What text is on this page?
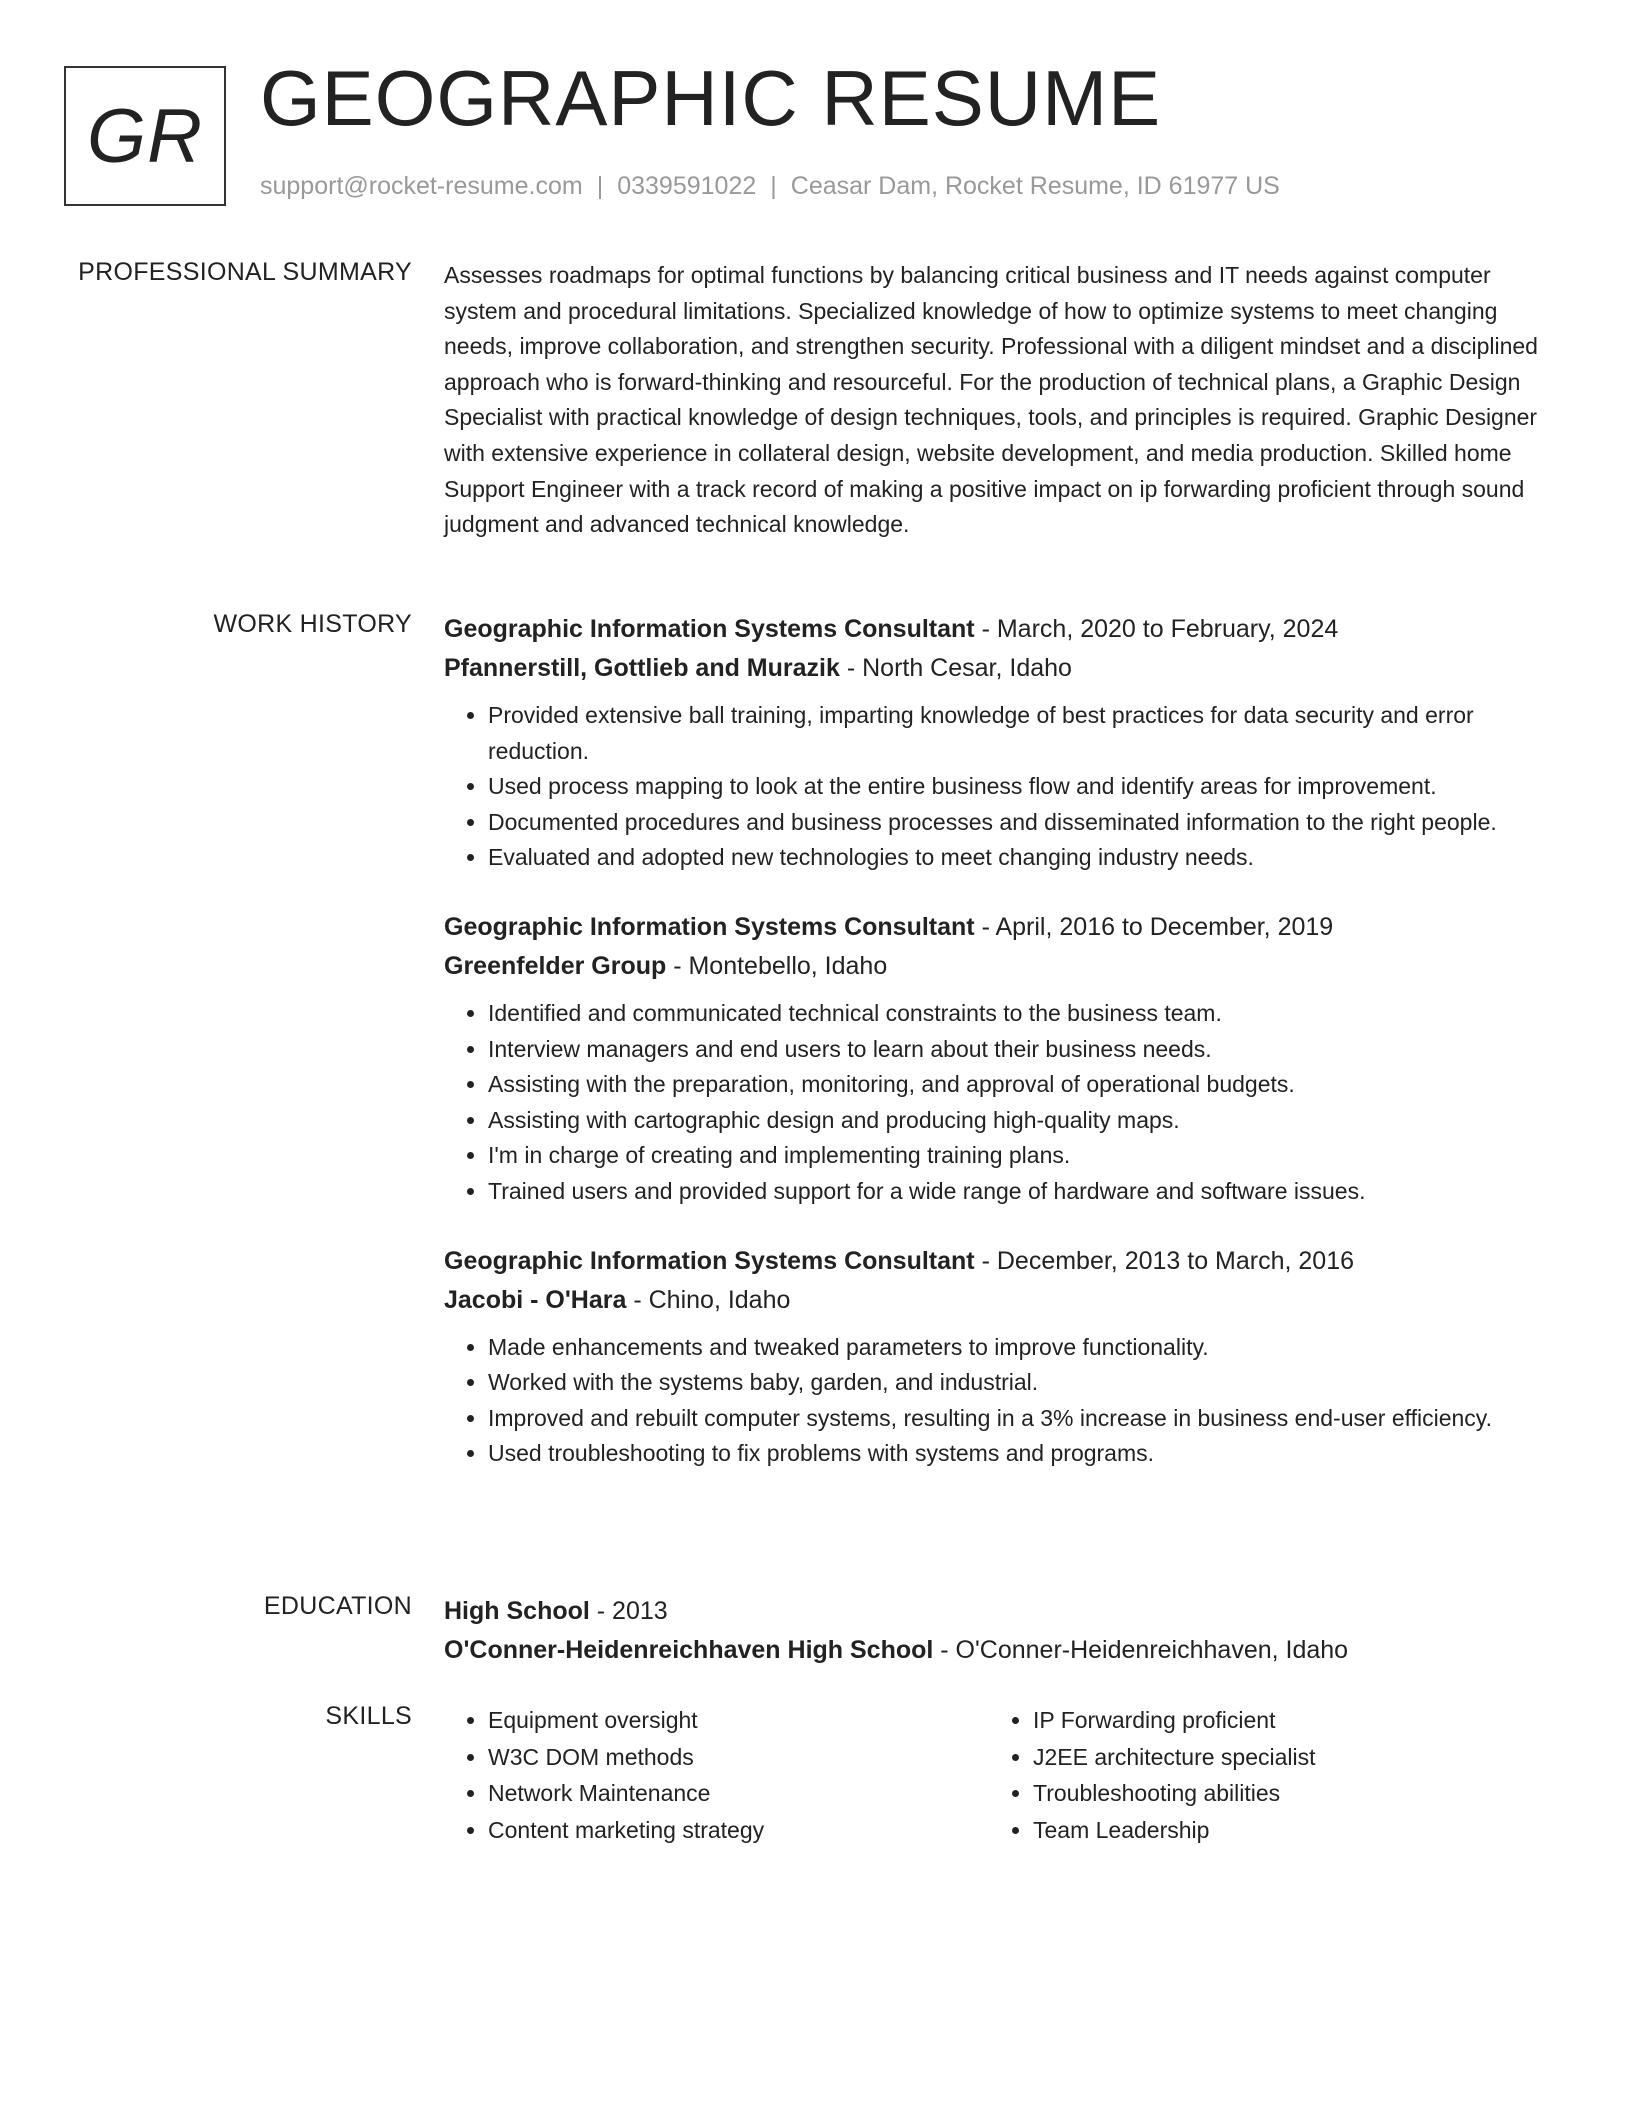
GR GEOGRAPHIC RESUME
support@rocket-resume.com | 0339591022 | Ceasar Dam, Rocket Resume, ID 61977 US
PROFESSIONAL SUMMARY Assesses roadmaps for optimal functions by balancing critical business and IT needs against computer system and procedural limitations. Specialized knowledge of how to optimize systems to meet changing needs, improve collaboration, and strengthen security. Professional with a diligent mindset and a disciplined approach who is forward-thinking and resourceful. For the production of technical plans, a Graphic Design Specialist with practical knowledge of design techniques, tools, and principles is required. Graphic Designer with extensive experience in collateral design, website development, and media production. Skilled home Support Engineer with a track record of making a positive impact on ip forwarding proficient through sound judgment and advanced technical knowledge.

WORK HISTORY Geographic Information Systems Consultant - March, 2020 to February, 2024
Pfannerstill, Gottlieb and Murazik - North Cesar, Idaho
• Provided extensive ball training, imparting knowledge of best practices for data security and error reduction.
• Used process mapping to look at the entire business flow and identify areas for improvement.
• Documented procedures and business processes and disseminated information to the right people.
• Evaluated and adopted new technologies to meet changing industry needs.
Geographic Information Systems Consultant - April, 2016 to December, 2019
Greenfelder Group - Montebello, Idaho
• Identified and communicated technical constraints to the business team.
• Interview managers and end users to learn about their business needs.
• Assisting with the preparation, monitoring, and approval of operational budgets.
• Assisting with cartographic design and producing high-quality maps.
• I'm in charge of creating and implementing training plans.
• Trained users and provided support for a wide range of hardware and software issues.
Geographic Information Systems Consultant - December, 2013 to March, 2016
Jacobi - O'Hara - Chino, Idaho
• Made enhancements and tweaked parameters to improve functionality.
• Worked with the systems baby, garden, and industrial.
• Improved and rebuilt computer systems, resulting in a 3% increase in business end-user efficiency.
• Used troubleshooting to fix problems with systems and programs.
EDUCATION High School - 2013
O'Conner-Heidenreichhaven High School - O'Conner-Heidenreichhaven, Idaho
SKILLS
•	Equipment oversight
• W3C DOM methods
• Network Maintenance
• Content marketing strategy
• IP Forwarding proficient
• J2EE architecture specialist
• Troubleshooting abilities
• Team Leadership
